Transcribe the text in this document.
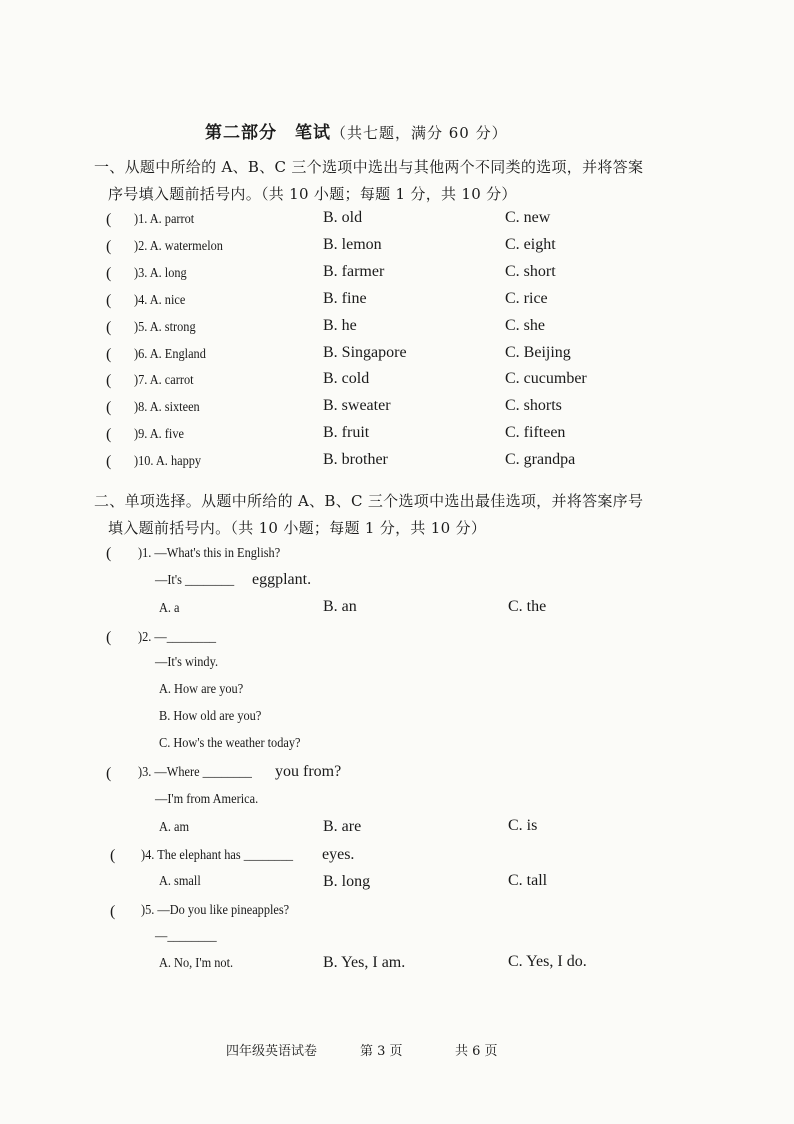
第二部分　笔试（共七题，满分 60 分）
一、从题中所给的 A、B、C 三个选项中选出与其他两个不同类的选项，并将答案
序号填入题前括号内。（共 10 小题；每题 1 分，共 10 分）
( )1. A. parrot	B. old	C. new
( )2. A. watermelon	B. lemon	C. eight
( )3. A. long	B. farmer	C. short
( )4. A. nice	B. fine	C. rice
( )5. A. strong	B. he	C. she
( )6. A. England	B. Singapore	C. Beijing
( )7. A. carrot	B. cold	C. cucumber
( )8. A. sixteen	B. sweater	C. shorts
( )9. A. five	B. fruit	C. fifteen
( )10. A. happy	B. brother	C. grandpa
二、单项选择。从题中所给的 A、B、C 三个选项中选出最佳选项，并将答案序号
填入题前括号内。（共 10 小题；每题 1 分，共 10 分）
( )1. —What's this in English?
—It's ________ eggplant.
A. a	B. an	C. the
( )2. —________
—It's windy.
A. How are you?
B. How old are you?
C. How's the weather today?
( )3. —Where ________ you from?
—I'm from America.
A. am	B. are	C. is
( )4. The elephant has ________ eyes.
A. small	B. long	C. tall
( )5. —Do you like pineapples?
—________
A. No, I'm not.	B. Yes, I am.	C. Yes, I do.
四年级英语试卷	第 3 页	共 6 页
